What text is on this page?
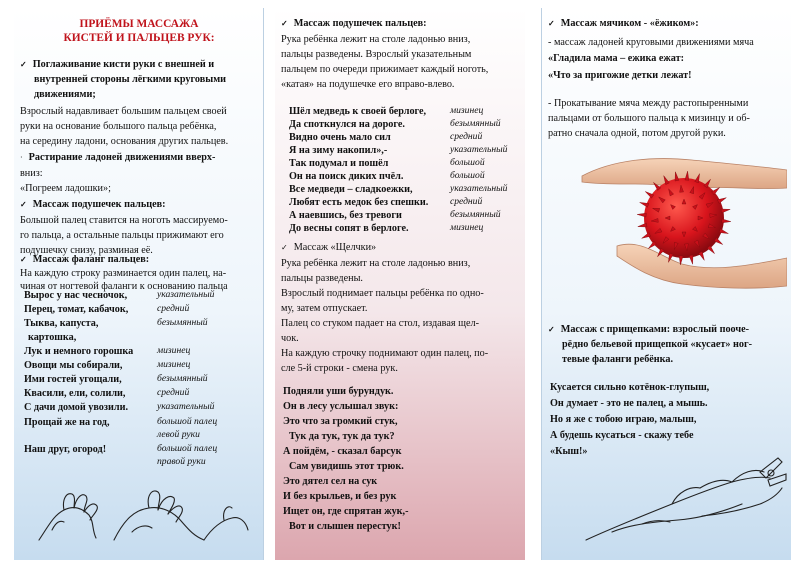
ПРИЁМЫ МАССАЖА
КИСТЕЙ И ПАЛЬЦЕВ РУК:
✓ Поглаживание кисти руки с внешней и
внутренней стороны лёгкими круговыми
движениями;
Взрослый надавливает большим пальцем своей
руки на основание большого пальца ребёнка,
на середину ладони, основания других пальцев.
· Растирание ладоней движениями вверх-
вниз:
«Погреем ладошки»;
✓ Массаж подушечек пальцев:
Большой палец ставится на ноготь массируемо-
го пальца, а остальные пальцы прижимают его
подушечку снизу, разминая её.
✓ Массаж фаланг пальцев:
На каждую строку разминается один палец, на-
чиная от ногтевой фаланги к основанию пальца
Вырос у нас чесночок,	указательный
Перец, томат, кабачок,	средний
Тыква, капуста,	безымянный
картошка,
Лук и немного горошка мизинец
Овощи мы собирали,	мизинец
Ими гостей угощали,	безымянный
Квасили, ели, солили,	средний
С дачи домой увозили.	указательный
Прощай же на год,	большой палец
левой руки
Наш друг, огород!	большой палец
правой руки
✓ Массаж подушечек пальцев:
Рука ребёнка лежит на столе ладонью вниз,
пальцы разведены. Взрослый указательным
пальцем по очереди прижимает каждый ноготь,
«катая» на подушечке его вправо-влево.
Шёл медведь к своей берлоге, мизинец
Да споткнулся на дороге.	безымянный
Видно очень мало сил	средний
Я на зиму накопил»,-	указательный
Так подумал и пошёл	большой
Он на поиск диких пчёл.	большой
Все медведи – сладкоежки,	указательный
Любят есть медок без спешки. средний
А наевшись, без тревоги	безымянный
До весны сопят в берлоге.	мизинец
✓ Массаж «Щелчки»
Рука ребёнка лежит на столе ладонью вниз,
пальцы разведены.
Взрослый поднимает пальцы ребёнка по одно-
му, затем отпускает.
Палец со стуком падает на стол, издавая щел-
чок.
На каждую строчку поднимают один палец, по-
сле 5-й строки - смена рук.
Подняли уши бурундук.
Он в лесу услышал звук:
Это что за громкий стук,
Тук да тук, тук да тук?
А пойдём, - сказал барсук
Сам увидишь этот трюк.
Это дятел сел на сук
И без крыльев, и без рук
Ищет он, где спрятан жук,-
Вот и слышен перестук!
✓ Массаж мячиком - «ёжиком»:
- массаж ладоней круговыми движениями мяча
«Гладила мама – ежика ежат:
«Что за пригожие детки лежат!
- Прокатывание мяча между растопыренными
пальцами от большого пальца к мизинцу и об-
ратно сначала одной, потом другой руки.
✓ Массаж с прищепками: взрослый пооче-
рёдно бельевой прищепкой «кусает» ног-
тевые фаланги ребёнка.
Кусается сильно котёнок-глупыш,
Он думает - это не палец, а мышь.
Но я же с тобою играю, малыш,
А будешь кусаться - скажу тебе
«Кыш!»
